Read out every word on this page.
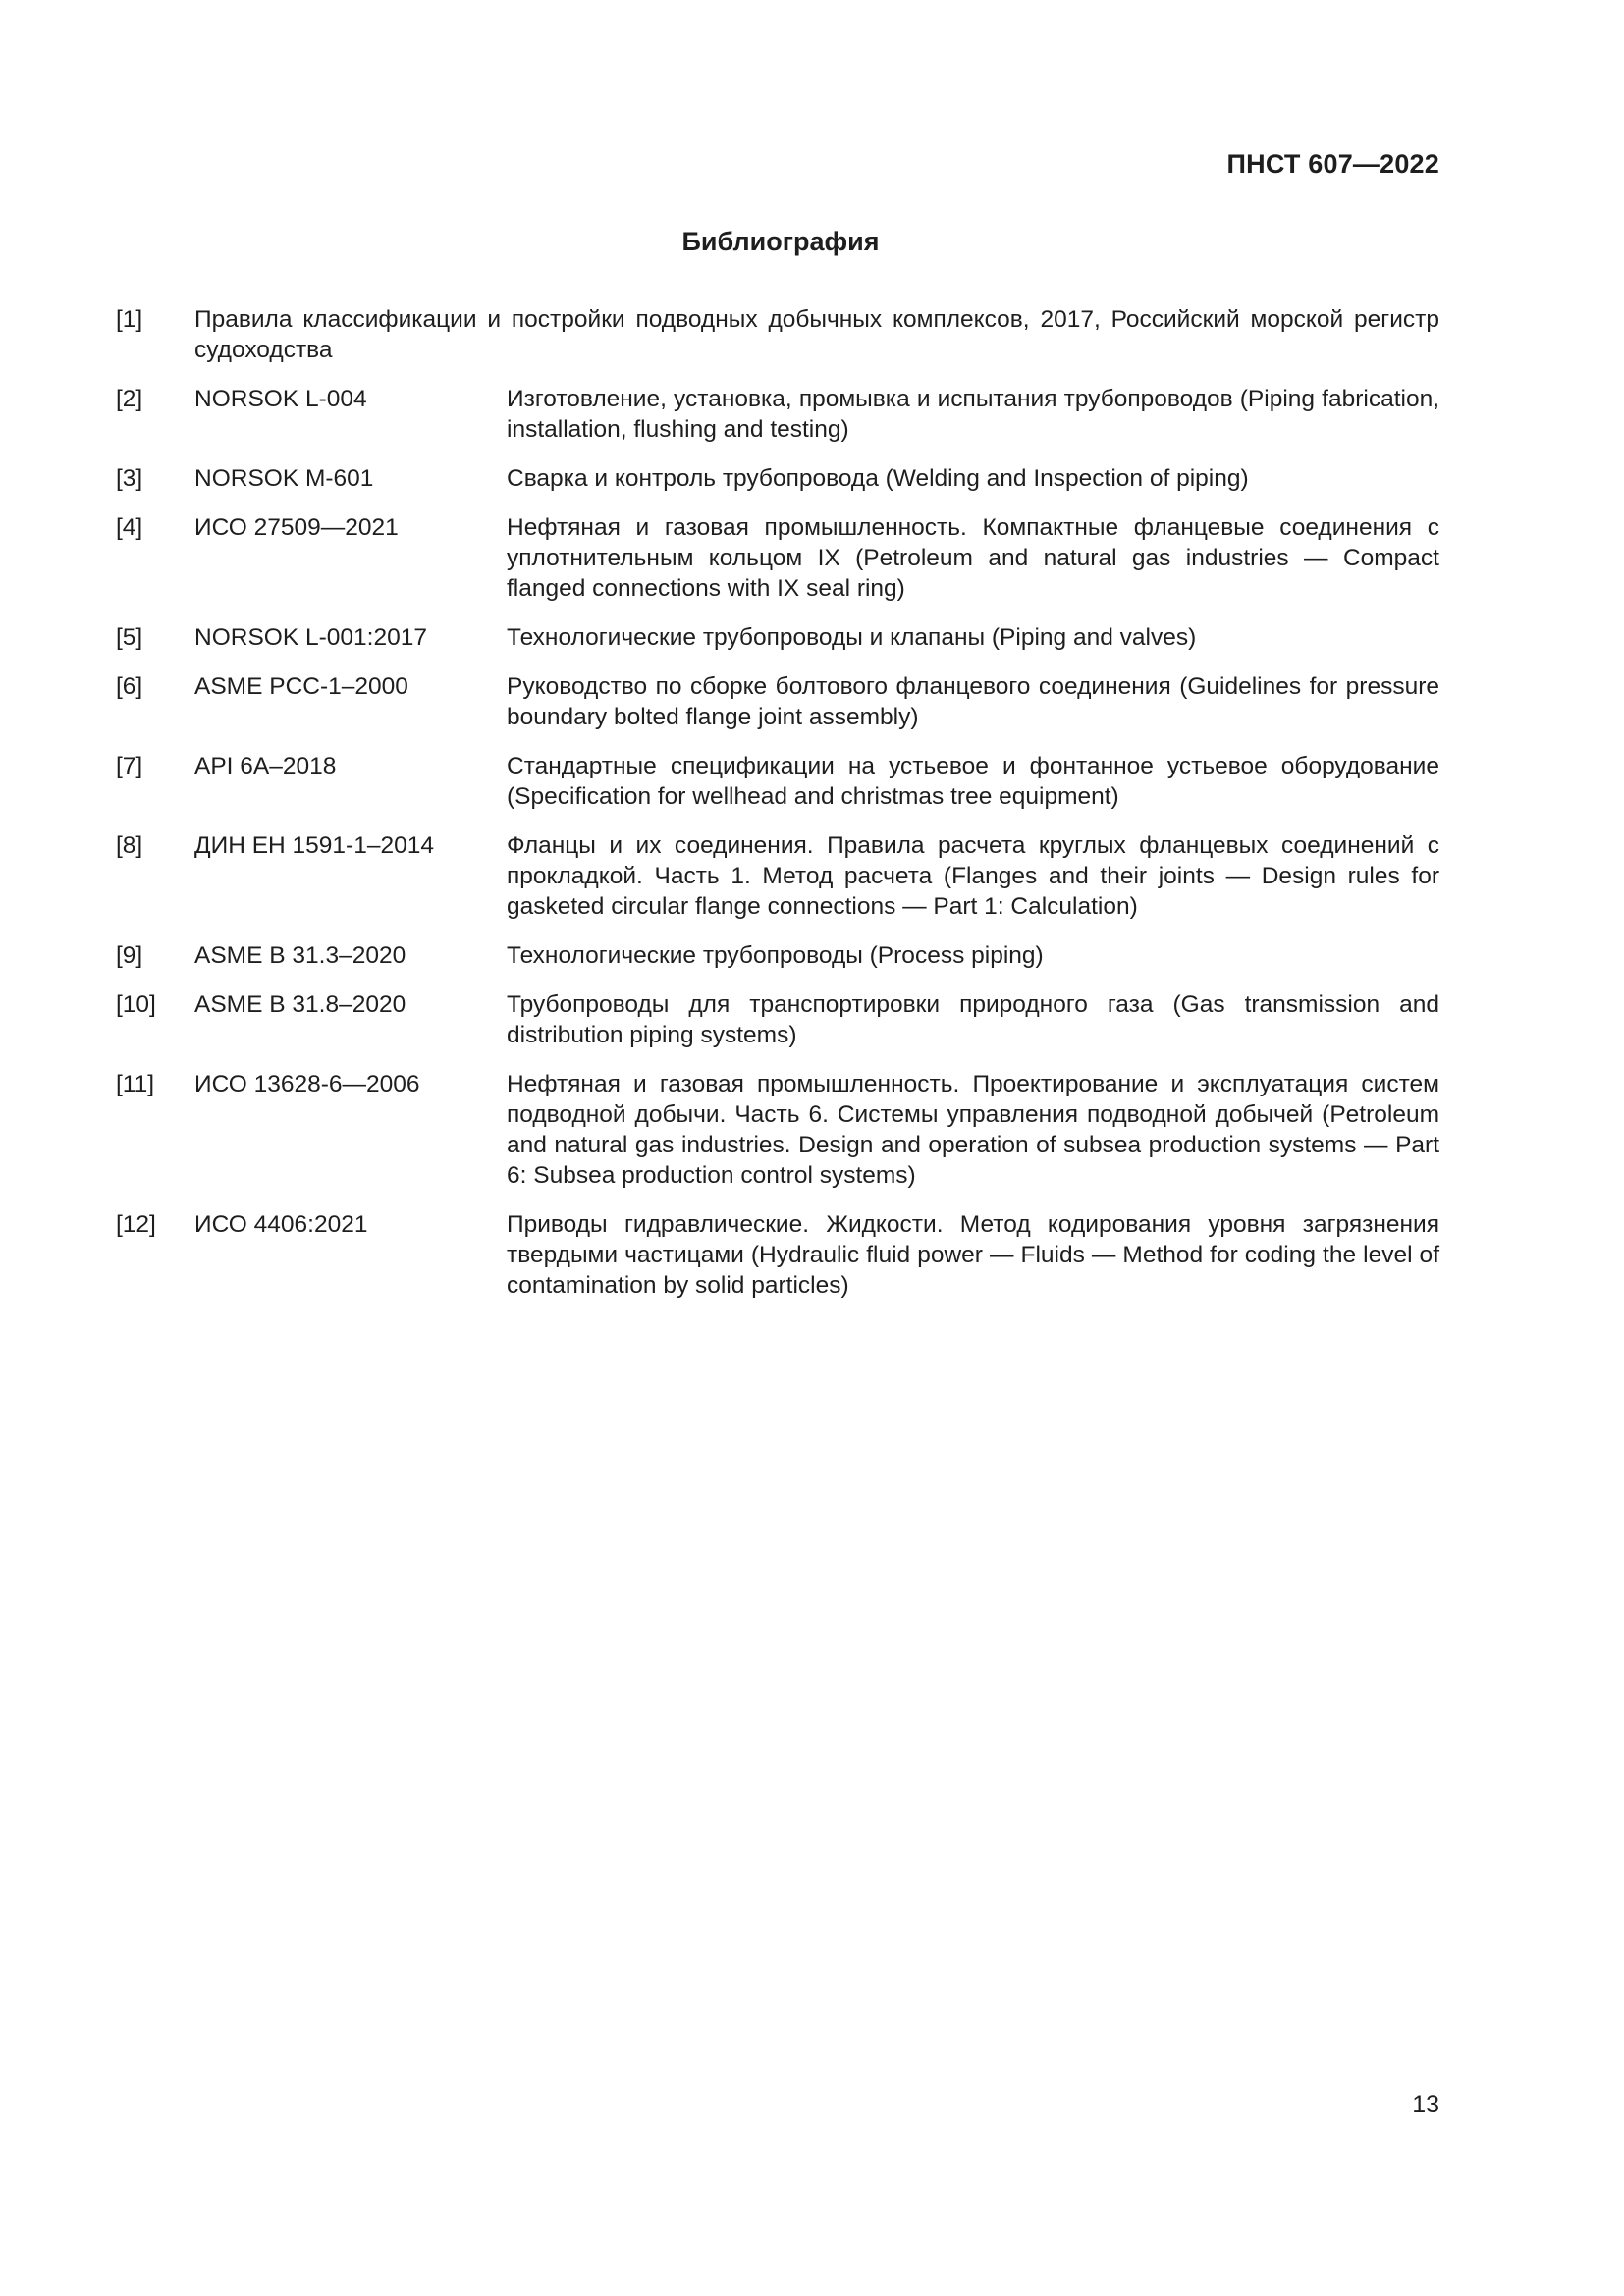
ПНСТ 607—2022
Библиография
[1] Правила классификации и постройки подводных добычных комплексов, 2017, Российский морской регистр судоходства
[2] NORSOK L-004	Изготовление, установка, промывка и испытания трубопроводов (Piping fabrication, installation, flushing and testing)
[3] NORSOK M-601	Сварка и контроль трубопровода (Welding and Inspection of piping)
[4] ИСО 27509—2021	Нефтяная и газовая промышленность. Компактные фланцевые соединения с уплотнительным кольцом IX (Petroleum and natural gas industries — Compact flanged connections with IX seal ring)
[5] NORSOK L-001:2017	Технологические трубопроводы и клапаны (Piping and valves)
[6] ASME PCC-1–2000	Руководство по сборке болтового фланцевого соединения (Guidelines for pressure boundary bolted flange joint assembly)
[7] API 6A–2018	Стандартные спецификации на устьевое и фонтанное устьевое оборудование (Specification for wellhead and christmas tree equipment)
[8] ДИН ЕН 1591-1–2014	Фланцы и их соединения. Правила расчета круглых фланцевых соединений с прокладкой. Часть 1. Метод расчета (Flanges and their joints — Design rules for gasketed circular flange connections — Part 1: Calculation)
[9] ASME B 31.3–2020	Технологические трубопроводы (Process piping)
[10] ASME B 31.8–2020	Трубопроводы для транспортировки природного газа (Gas transmission and distribution piping systems)
[11] ИСО 13628-6—2006	Нефтяная и газовая промышленность. Проектирование и эксплуатация систем подводной добычи. Часть 6. Системы управления подводной добычей (Petroleum and natural gas industries. Design and operation of subsea production systems — Part 6: Subsea production control systems)
[12] ИСО 4406:2021	Приводы гидравлические. Жидкости. Метод кодирования уровня загрязнения твердыми частицами (Hydraulic fluid power — Fluids — Method for coding the level of contamination by solid particles)
13
